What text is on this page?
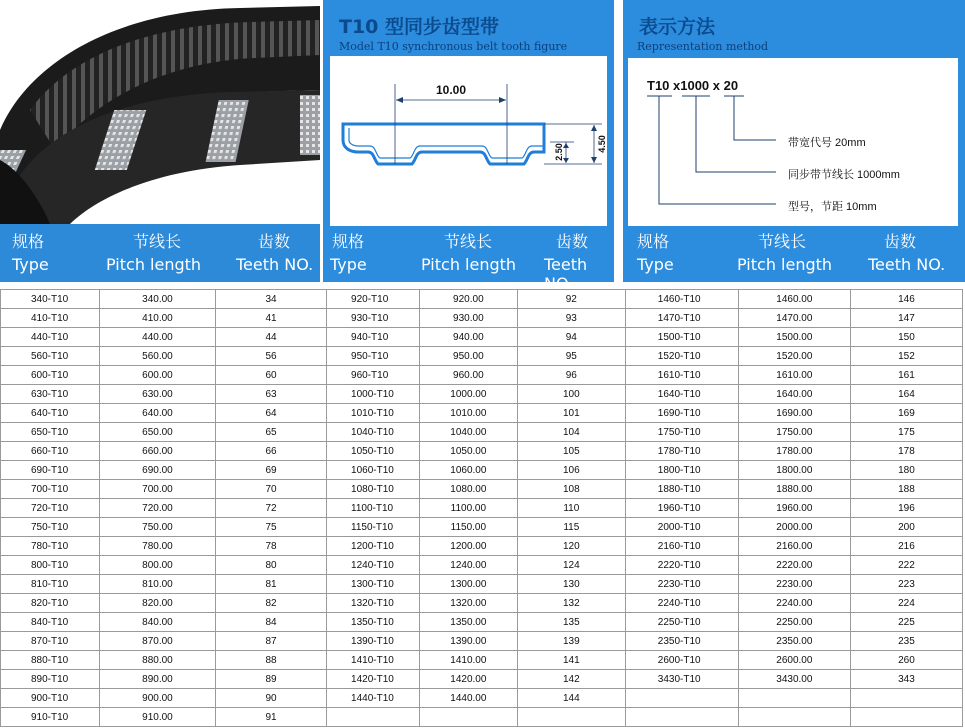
规格
Type
节线长
Pitch length
齿数
Teeth NO.
10.00
4.50
2.50
T10 型同步齿型带
Model T10 synchronous belt tooth figure
规格
Type
节线长
Pitch length
齿数
Teeth NO
T10 x1000 x 20
带宽代号 20mm
同步带节线长 1000mm
型号，节距 10mm
表示方法
Representation method
规格
Type
节线长
Pitch length
齿数
Teeth NO.
340-T10	340.00	34	920-T10	920.00	92	1460-T10	1460.00	146
410-T10	410.00	41	930-T10	930.00	93	1470-T10	1470.00	147
440-T10	440.00	44	940-T10	940.00	94	1500-T10	1500.00	150
560-T10	560.00	56	950-T10	950.00	95	1520-T10	1520.00	152
600-T10	600.00	60	960-T10	960.00	96	1610-T10	1610.00	161
630-T10	630.00	63	1000-T10	1000.00	100	1640-T10	1640.00	164
640-T10	640.00	64	1010-T10	1010.00	101	1690-T10	1690.00	169
650-T10	650.00	65	1040-T10	1040.00	104	1750-T10	1750.00	175
660-T10	660.00	66	1050-T10	1050.00	105	1780-T10	1780.00	178
690-T10	690.00	69	1060-T10	1060.00	106	1800-T10	1800.00	180
700-T10	700.00	70	1080-T10	1080.00	108	1880-T10	1880.00	188
720-T10	720.00	72	1100-T10	1100.00	110	1960-T10	1960.00	196
750-T10	750.00	75	1150-T10	1150.00	115	2000-T10	2000.00	200
780-T10	780.00	78	1200-T10	1200.00	120	2160-T10	2160.00	216
800-T10	800.00	80	1240-T10	1240.00	124	2220-T10	2220.00	222
810-T10	810.00	81	1300-T10	1300.00	130	2230-T10	2230.00	223
820-T10	820.00	82	1320-T10	1320.00	132	2240-T10	2240.00	224
840-T10	840.00	84	1350-T10	1350.00	135	2250-T10	2250.00	225
870-T10	870.00	87	1390-T10	1390.00	139	2350-T10	2350.00	235
880-T10	880.00	88	1410-T10	1410.00	141	2600-T10	2600.00	260
890-T10	890.00	89	1420-T10	1420.00	142	3430-T10	3430.00	343
900-T10	900.00	90	1440-T10	1440.00	144			
910-T10	910.00	91						
